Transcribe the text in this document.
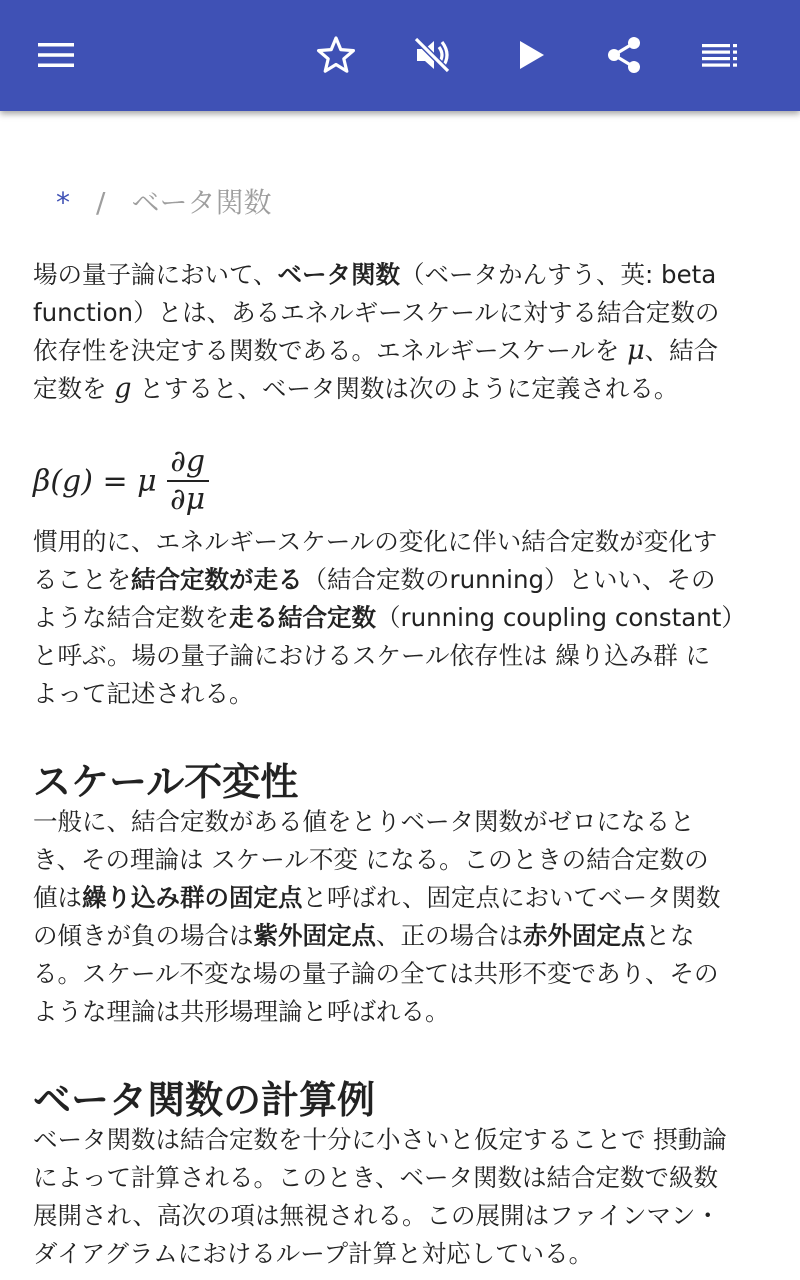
* / ベータ関数
場の量子論において、ベータ関数（ベータかんすう、英: beta
function）とは、あるエネルギースケールに対する結合定数の
依存性を決定する関数である。エネルギースケールを μ、結合
定数を g とすると、ベータ関数は次のように定義される。
β(g) = μ $\frac{\partial g}{\partial\mu}$
慣用的に、エネルギースケールの変化に伴い結合定数が変化す
ることを結合定数が走る（結合定数のrunning）といい、その
ような結合定数を走る結合定数（running coupling constant）
と呼ぶ。場の量子論におけるスケール依存性は 繰り込み群 に
よって記述される。
スケール不変性
一般に、結合定数がある値をとりベータ関数がゼロになると
き、その理論は スケール不変 になる。このときの結合定数の
値は繰り込み群の固定点と呼ばれ、固定点においてベータ関数
の傾きが負の場合は紫外固定点、正の場合は赤外固定点とな
る。スケール不変な場の量子論の全ては共形不変であり、その
ような理論は共形場理論と呼ばれる。
ベータ関数の計算例
ベータ関数は結合定数を十分に小さいと仮定することで 摂動論
によって計算される。このとき、ベータ関数は結合定数で級数
展開され、高次の項は無視される。この展開はファインマン・
ダイアグラムにおけるループ計算と対応している。
